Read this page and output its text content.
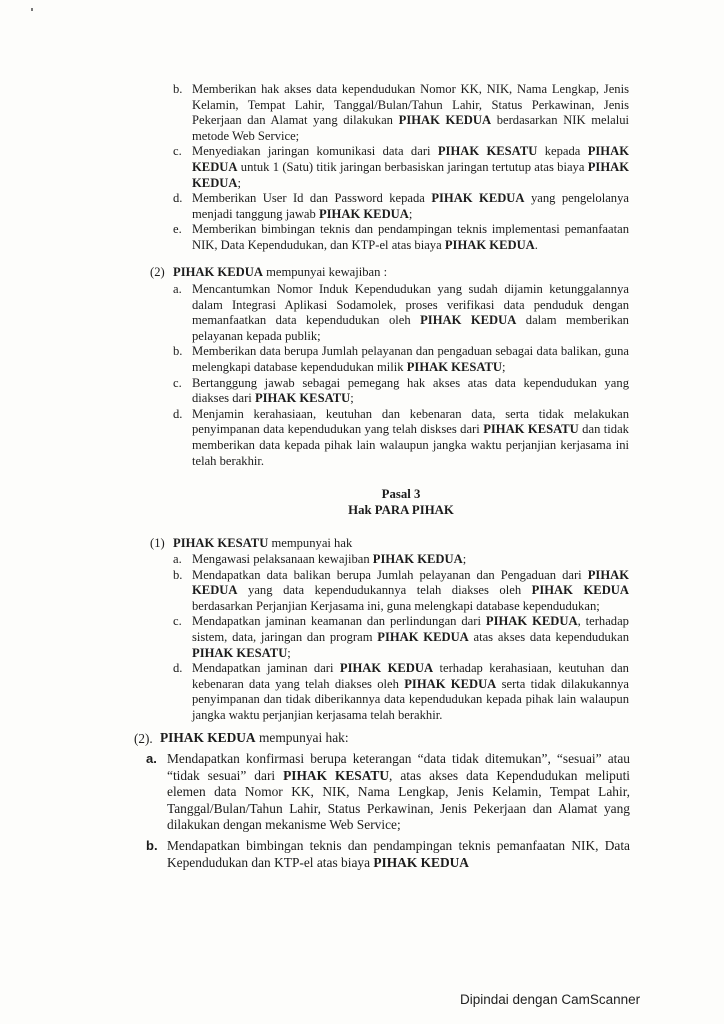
b. Memberikan hak akses data kependudukan Nomor KK, NIK, Nama Lengkap, Jenis Kelamin, Tempat Lahir, Tanggal/Bulan/Tahun Lahir, Status Perkawinan, Jenis Pekerjaan dan Alamat yang dilakukan PIHAK KEDUA berdasarkan NIK melalui metode Web Service;

c. Menyediakan jaringan komunikasi data dari PIHAK KESATU kepada PIHAK KEDUA untuk 1 (Satu) titik jaringan berbasiskan jaringan tertutup atas biaya PIHAK KEDUA;

d. Memberikan User Id dan Password kepada PIHAK KEDUA yang pengelolanya menjadi tanggung jawab PIHAK KEDUA;

e. Memberikan bimbingan teknis dan pendampingan teknis implementasi pemanfaatan NIK, Data Kependudukan, dan KTP-el atas biaya PIHAK KEDUA.

(2) PIHAK KEDUA mempunyai kewajiban :

a. Mencantumkan Nomor Induk Kependudukan yang sudah dijamin ketunggalannya dalam Integrasi Aplikasi Sodamolek, proses verifikasi data penduduk dengan memanfaatkan data kependudukan oleh PIHAK KEDUA dalam memberikan pelayanan kepada publik;

b. Memberikan data berupa Jumlah pelayanan dan pengaduan sebagai data balikan, guna melengkapi database kependudukan milik PIHAK KESATU;

c. Bertanggung jawab sebagai pemegang hak akses atas data kependudukan yang diakses dari PIHAK KESATU;

d. Menjamin kerahasiaan, keutuhan dan kebenaran data, serta tidak melakukan penyimpanan data kependudukan yang telah diskses dari PIHAK KESATU dan tidak memberikan data kepada pihak lain walaupun jangka waktu perjanjian kerjasama ini telah berakhir.

Pasal 3
Hak PARA PIHAK
(1) PIHAK KESATU mempunyai hak

a. Mengawasi pelaksanaan kewajiban PIHAK KEDUA;

b. Mendapatkan data balikan berupa Jumlah pelayanan dan Pengaduan dari PIHAK KEDUA yang data kependudukannya telah diakses oleh PIHAK KEDUA berdasarkan Perjanjian Kerjasama ini, guna melengkapi database kependudukan;

c. Mendapatkan jaminan keamanan dan perlindungan dari PIHAK KEDUA, terhadap sistem, data, jaringan dan program PIHAK KEDUA atas akses data kependudukan PIHAK KESATU;

d. Mendapatkan jaminan dari PIHAK KEDUA terhadap kerahasiaan, keutuhan dan kebenaran data yang telah diakses oleh PIHAK KEDUA serta tidak dilakukannya penyimpanan dan tidak diberikannya data kependudukan kepada pihak lain walaupun jangka waktu perjanjian kerjasama telah berakhir.

(2). PIHAK KEDUA mempunyai hak:

a. Mendapatkan konfirmasi berupa keterangan “data tidak ditemukan”, “sesuai” atau “tidak sesuai” dari PIHAK KESATU, atas akses data Kependudukan meliputi elemen data Nomor KK, NIK, Nama Lengkap, Jenis Kelamin, Tempat Lahir, Tanggal/Bulan/Tahun Lahir, Status Perkawinan, Jenis Pekerjaan dan Alamat yang dilakukan dengan mekanisme Web Service;

b. Mendapatkan bimbingan teknis dan pendampingan teknis pemanfaatan NIK, Data Kependudukan dan KTP-el atas biaya PIHAK KEDUA

Dipindai dengan CamScanner
